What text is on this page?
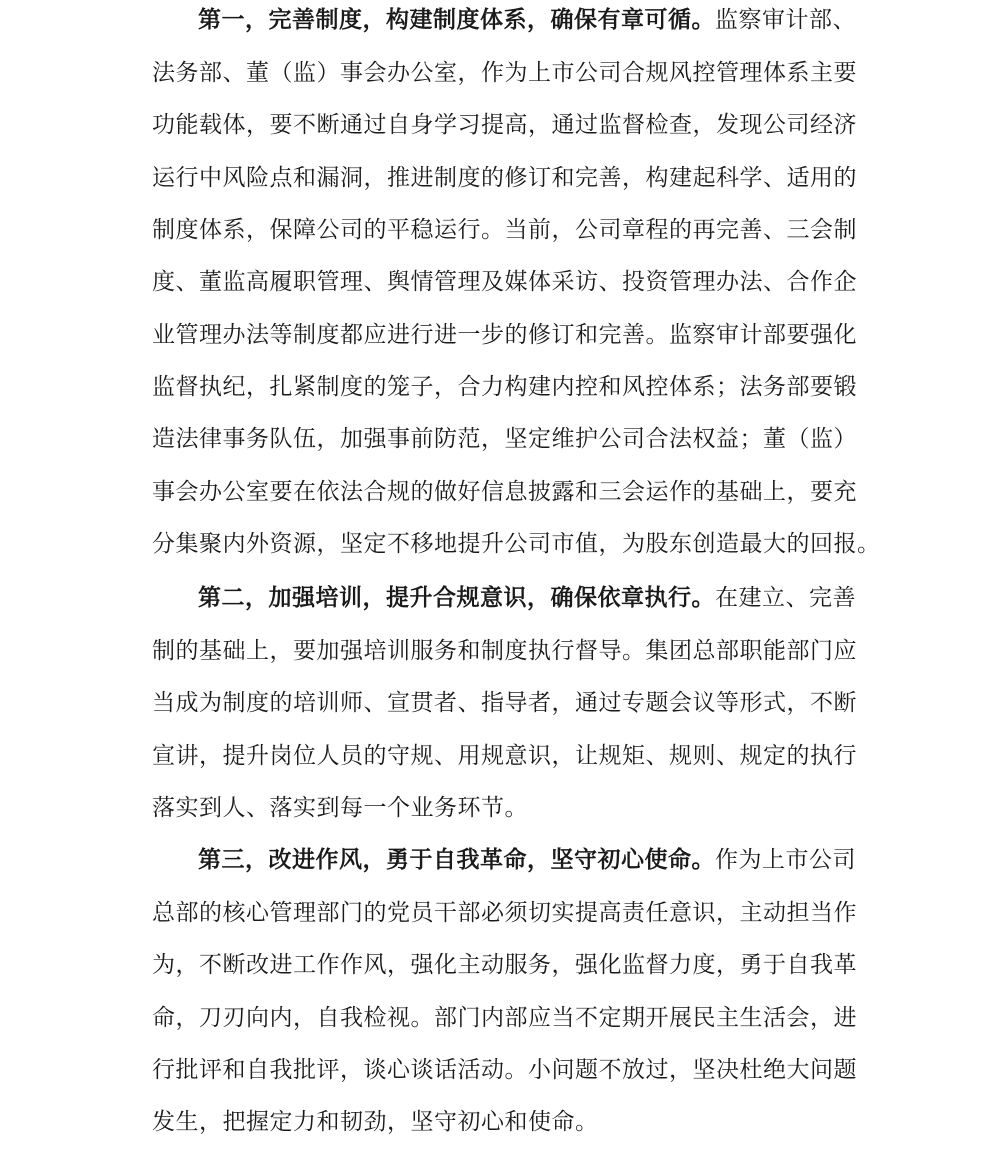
第一，完善制度，构建制度体系，确保有章可循。监察审计部、
法务部、董（监）事会办公室，作为上市公司合规风控管理体系主要
功能载体，要不断通过自身学习提高，通过监督检查，发现公司经济
运行中风险点和漏洞，推进制度的修订和完善，构建起科学、适用的
制度体系，保障公司的平稳运行。当前，公司章程的再完善、三会制
度、董监高履职管理、舆情管理及媒体采访、投资管理办法、合作企
业管理办法等制度都应进行进一步的修订和完善。监察审计部要强化
监督执纪，扎紧制度的笼子，合力构建内控和风控体系；法务部要锻
造法律事务队伍，加强事前防范，坚定维护公司合法权益；董（监）
事会办公室要在依法合规的做好信息披露和三会运作的基础上，要充
分集聚内外资源，坚定不移地提升公司市值，为股东创造最大的回报。
第二，加强培训，提升合规意识，确保依章执行。在建立、完善
制的基础上，要加强培训服务和制度执行督导。集团总部职能部门应
当成为制度的培训师、宣贯者、指导者，通过专题会议等形式，不断
宣讲，提升岗位人员的守规、用规意识，让规矩、规则、规定的执行
落实到人、落实到每一个业务环节。
第三，改进作风，勇于自我革命，坚守初心使命。作为上市公司
总部的核心管理部门的党员干部必须切实提高责任意识，主动担当作
为，不断改进工作作风，强化主动服务，强化监督力度，勇于自我革
命，刀刃向内，自我检视。部门内部应当不定期开展民主生活会，进
行批评和自我批评，谈心谈话活动。小问题不放过，坚决杜绝大问题
发生，把握定力和韧劲，坚守初心和使命。
